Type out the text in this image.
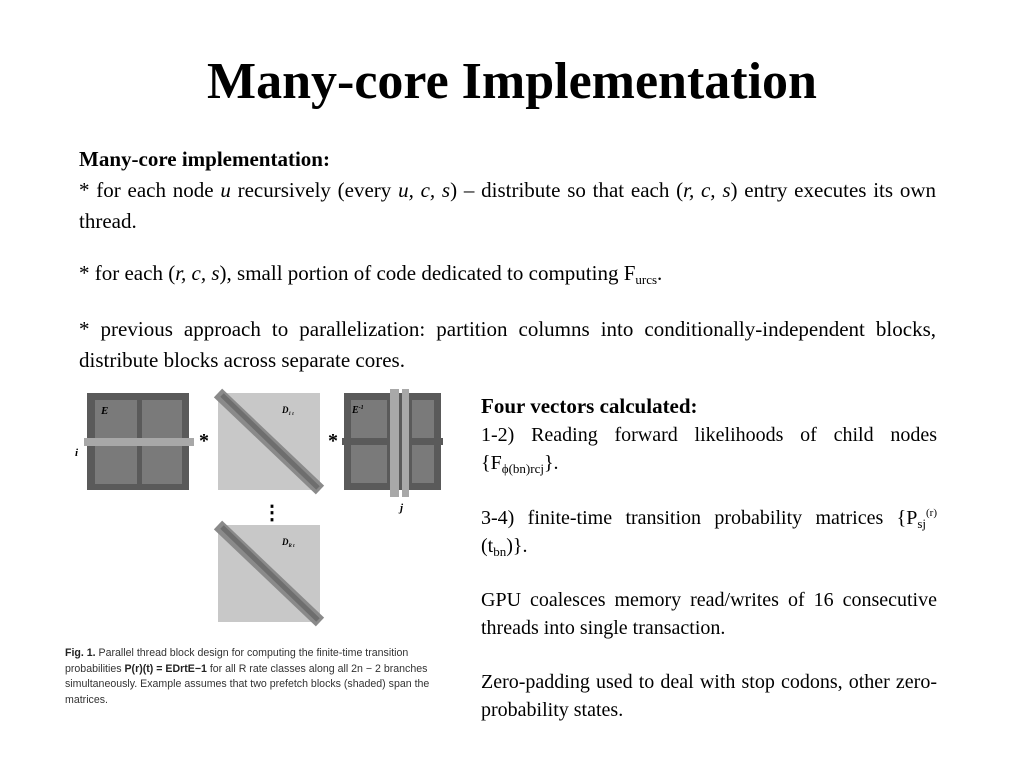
Many-core Implementation
Many-core implementation:
* for each node u recursively (every u, c, s) – distribute so that each (r, c, s) entry executes its own thread.
* for each (r, c, s), small portion of code dedicated to computing $F_{urcs}$.
* previous approach to parallelization: partition columns into conditionally-independent blocks, distribute blocks across separate cores.
E
i
*
$D_{1 t}$
*
$E^{-1}$
j
⋮
$D_{R t}$
Fig. 1. Parallel thread block design for computing the finite-time transition probabilities P(r)(t) = EDrtE−1 for all R rate classes along all 2n − 2 branches simultaneously. Example assumes that two prefetch blocks (shaded) span the matrices.
Four vectors calculated:
1-2) Reading forward likelihoods of child nodes $\{F_{\phi(bn)rcj}\}$.
3-4) finite-time transition probability matrices $\{P_{sj}^{(r)}(t_{bn})\}$.
GPU coalesces memory read/writes of 16 consecutive threads into single transaction.
Zero-padding used to deal with stop codons, other zero-probability states.
